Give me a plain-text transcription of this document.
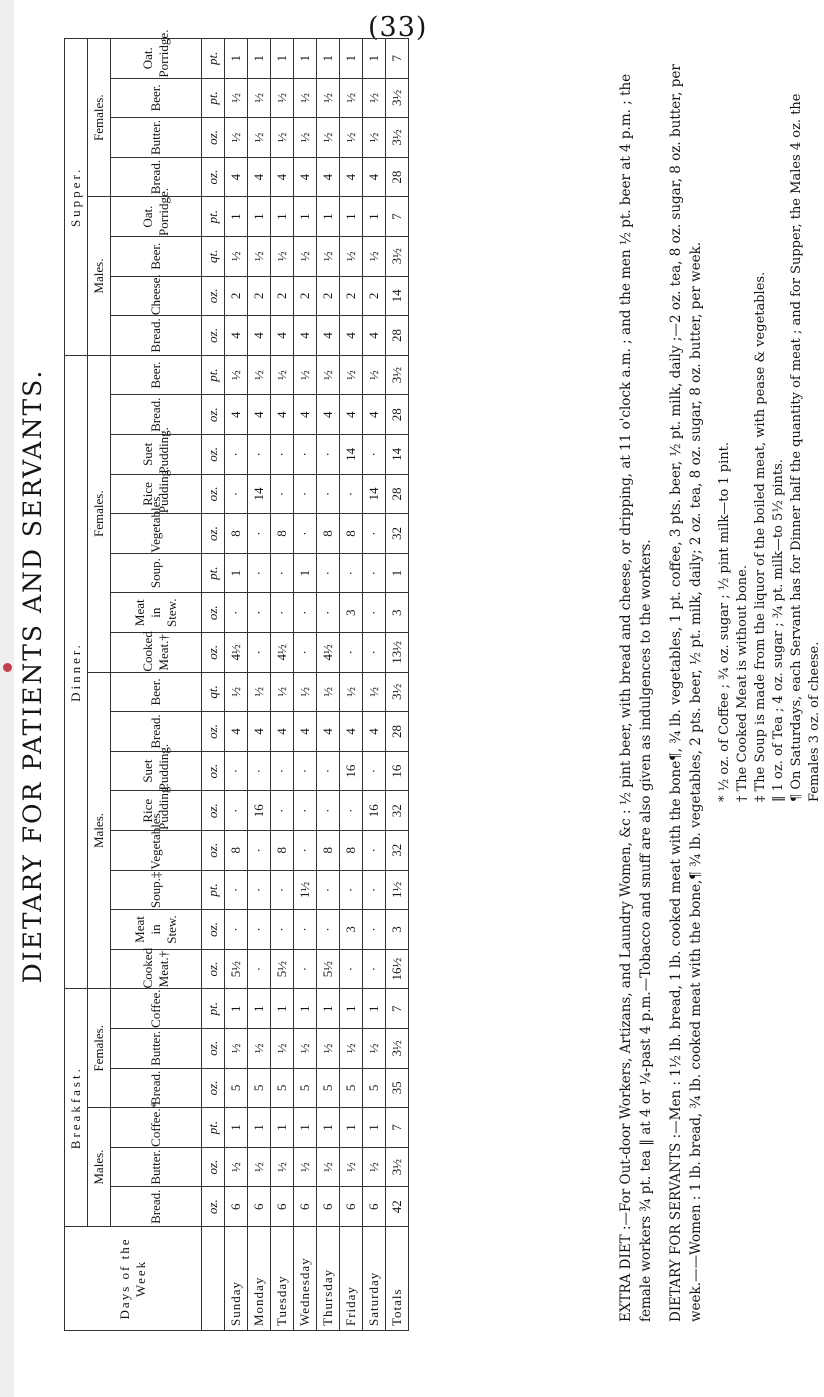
(33)
DIETARY FOR PATIENTS AND SERVANTS.
Days of the Week	Breakfast.						Dinner.																Supper.							
	Males.			Females.			Males.								Females.								Males.				Females.			
	Bread.	Butter.	Coffee.*	Bread.	Butter.	Coffee.	Cooked Meat.†	Meat in Stew.	Soup.‡	Vegetables.	Rice Pudding.	Suet Pudding.	Bread.	Beer.	Cooked Meat.†	Meat in Stew.	Soup.	Vegetables.	Rice Pudding.	Suet Pudding.	Bread.	Beer.	Bread.	Cheese.	Beer.	Oat. Porridge.	Bread.	Butter.	Beer.	Oat. Porridge.
	oz.	oz.	pt.	oz.	oz.	pt.	oz.	oz.	pt.	oz.	oz.	oz.	oz.	qt.	oz.	oz.	pt.	oz.	oz.	oz.	oz.	pt.	oz.	oz.	qt.	pt.	oz.	oz.	pt.	pt.
Sunday	6	½	1	5	½	1	5½	·	·	8	·	·	4	½	4½	·	1	8	·	·	4	½	4	2	½	1	4	½	½	1
Monday	6	½	1	5	½	1	·	·	·	·	16	·	4	½	·	·	·	·	14	·	4	½	4	2	½	1	4	½	½	1
Tuesday	6	½	1	5	½	1	5½	·	·	8	·	·	4	½	4½	·	·	8	·	·	4	½	4	2	½	1	4	½	½	1
Wednesday	6	½	1	5	½	1	·	·	1½	·	·	·	4	½	·	·	1	·	·	·	4	½	4	2	½	1	4	½	½	1
Thursday	6	½	1	5	½	1	5½	·	·	8	·	·	4	½	4½	·	·	8	·	·	4	½	4	2	½	1	4	½	½	1
Friday	6	½	1	5	½	1	·	3	·	8	·	16	4	½	·	3	·	8	·	14	4	½	4	2	½	1	4	½	½	1
Saturday	6	½	1	5	½	1	·	·	·	·	16	·	4	½	·	·	·	·	14	·	4	½	4	2	½	1	4	½	½	1
Totals	42	3½	7	35	3½	7	16½	3	1½	32	32	16	28	3½	13½	3	1	32	28	14	28	3½	28	14	3½	7	28	3½	3½	7

EXTRA DIET :—For Out-door Workers, Artizans, and Laundry Women, &c : ½ pint beer, with bread and cheese, or dripping, at 11 o'clock a.m. ; and the men ½ pt. beer at 4 p.m. ; the female workers ¾ pt. tea ‖ at 4 or ¼-past 4 p.m.—Tobacco and snuff are also given as indulgences to the workers. DIETARY FOR SERVANTS :—Men : 1½ lb. bread, 1 lb. cooked meat with the bone¶, ¾ lb. vegetables, 1 pt. coffee, 3 pts. beer, ½ pt. milk, daily ;—2 oz. tea, 8 oz. sugar, 8 oz. butter, per week.——Women : 1 lb. bread, ¾ lb. cooked meat with the bone,¶ ¾ lb. vegetables, 2 pts. beer, ½ pt. milk, daily; 2 oz. tea, 8 oz. sugar, 8 oz. butter, per week. * ½ oz. of Coffee ; ¾ oz. sugar ; ½ pint milk—to 1 pint. † The Cooked Meat is without bone. ‡ The Soup is made from the liquor of the boiled meat, with pease & vegetables. ‖ 1 oz. of Tea ; 4 oz. sugar ; ¾ pt. milk—to 5½ pints. ¶ On Saturdays, each Servant has for Dinner half the quantity of meat ; and for Supper, the Males 4 oz. the Females 3 oz. of cheese.
